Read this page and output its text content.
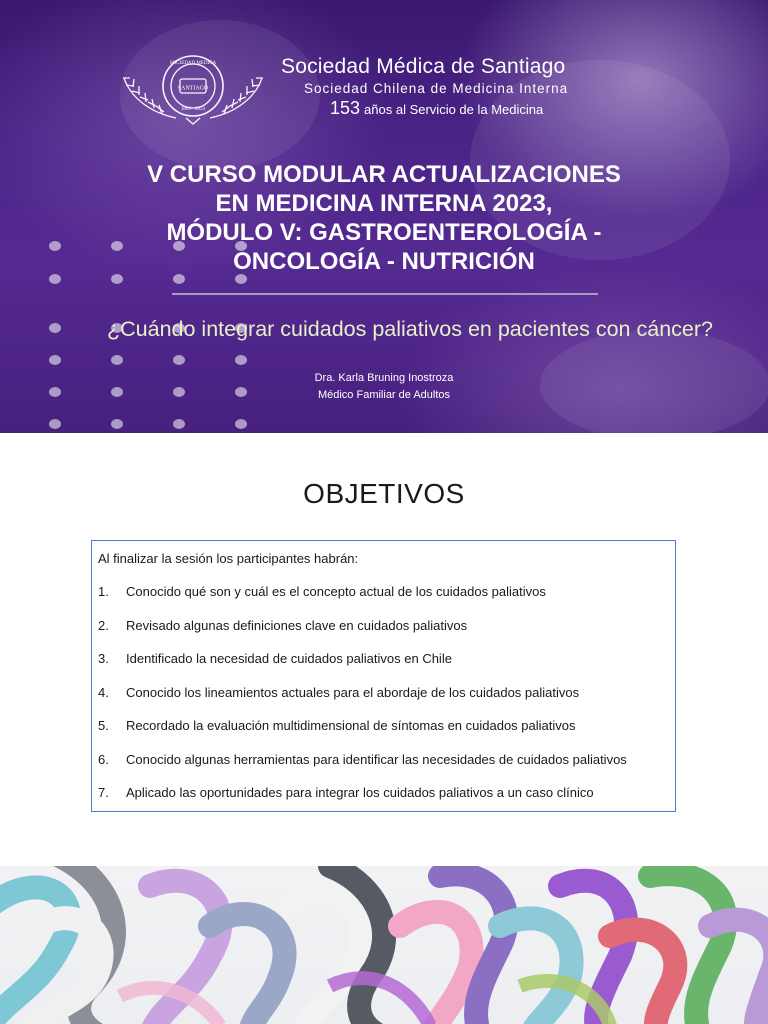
SANTIAGO
SOCIEDAD MEDICA
1869 · 2023
Sociedad Médica de Santiago
Sociedad Chilena de Medicina Interna
153 años al Servicio de la Medicina
V CURSO MODULAR ACTUALIZACIONES
EN MEDICINA INTERNA 2023,
MÓDULO V: GASTROENTEROLOGÍA -
ONCOLOGÍA - NUTRICIÓN
¿Cuándo integrar cuidados paliativos en pacientes con cáncer?
Dra. Karla Bruning Inostroza
Médico Familiar de Adultos
OBJETIVOS
Al finalizar la sesión los participantes habrán:
1.	Conocido qué son y cuál es el concepto actual de los cuidados paliativos
2.	Revisado algunas definiciones clave en cuidados paliativos
3.	Identificado la necesidad de cuidados paliativos en Chile
4.	Conocido los lineamientos actuales para el abordaje de los cuidados paliativos
5.	Recordado la evaluación multidimensional de síntomas en cuidados paliativos
6.	Conocido algunas herramientas para identificar las necesidades de cuidados paliativos
7.	Aplicado las oportunidades para integrar los cuidados paliativos a un caso clínico
